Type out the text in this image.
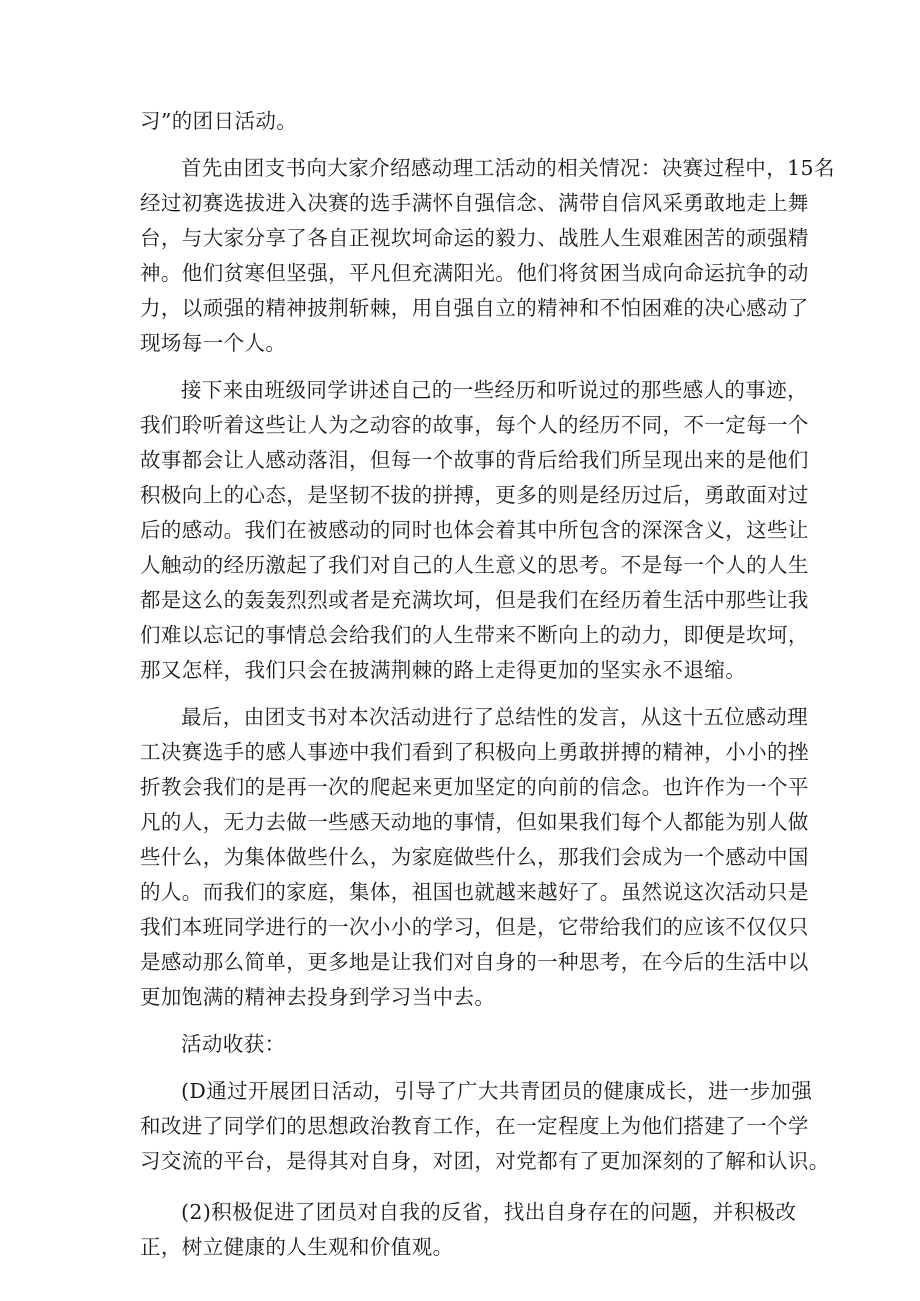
习”的团日活动。
首先由团支书向大家介绍感动理工活动的相关情况：决赛过程中，15名
经过初赛选拔进入决赛的选手满怀自强信念、满带自信风采勇敢地走上舞
台，与大家分享了各自正视坎坷命运的毅力、战胜人生艰难困苦的顽强精
神。他们贫寒但坚强，平凡但充满阳光。他们将贫困当成向命运抗争的动
力，以顽强的精神披荆斩棘，用自强自立的精神和不怕困难的决心感动了
现场每一个人。
接下来由班级同学讲述自己的一些经历和听说过的那些感人的事迹，
我们聆听着这些让人为之动容的故事，每个人的经历不同，不一定每一个
故事都会让人感动落泪，但每一个故事的背后给我们所呈现出来的是他们
积极向上的心态，是坚韧不拔的拼搏，更多的则是经历过后，勇敢面对过
后的感动。我们在被感动的同时也体会着其中所包含的深深含义，这些让
人触动的经历激起了我们对自己的人生意义的思考。不是每一个人的人生
都是这么的轰轰烈烈或者是充满坎坷，但是我们在经历着生活中那些让我
们难以忘记的事情总会给我们的人生带来不断向上的动力，即便是坎坷，
那又怎样，我们只会在披满荆棘的路上走得更加的坚实永不退缩。
最后，由团支书对本次活动进行了总结性的发言，从这十五位感动理
工决赛选手的感人事迹中我们看到了积极向上勇敢拼搏的精神，小小的挫
折教会我们的是再一次的爬起来更加坚定的向前的信念。也许作为一个平
凡的人，无力去做一些感天动地的事情，但如果我们每个人都能为别人做
些什么，为集体做些什么，为家庭做些什么，那我们会成为一个感动中国
的人。而我们的家庭，集体，祖国也就越来越好了。虽然说这次活动只是
我们本班同学进行的一次小小的学习，但是，它带给我们的应该不仅仅只
是感动那么简单，更多地是让我们对自身的一种思考，在今后的生活中以
更加饱满的精神去投身到学习当中去。
活动收获：
(D通过开展团日活动，引导了广大共青团员的健康成长，进一步加强
和改进了同学们的思想政治教育工作，在一定程度上为他们搭建了一个学
习交流的平台，是得其对自身，对团，对党都有了更加深刻的了解和认识。
(2)积极促进了团员对自我的反省，找出自身存在的问题，并积极改
正，树立健康的人生观和价值观。
